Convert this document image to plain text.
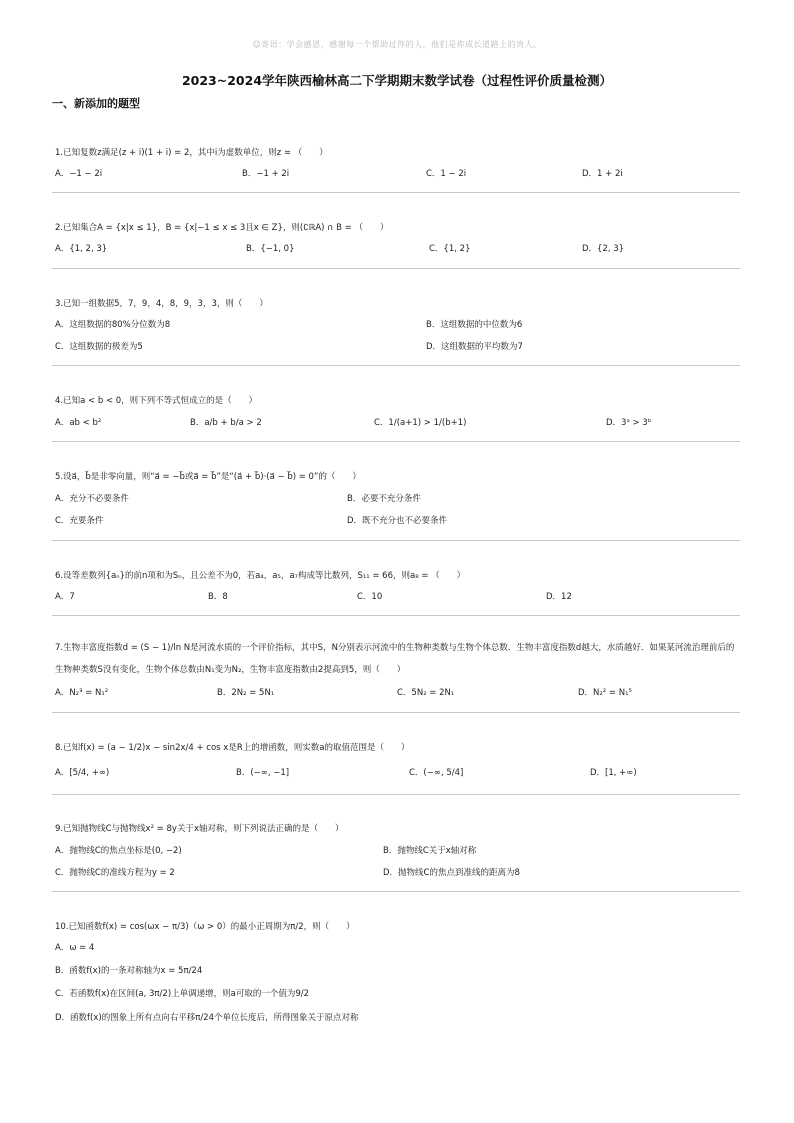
☺寄语：学会感恩，感谢每一个帮助过你的人，他们是你成长道路上的贵人。
2023~2024学年陕西榆林高二下学期期末数学试卷（过程性评价质量检测）
一、新添加的题型
1.已知复数z满足(z + i)(1 + i) = 2，其中i为虚数单位，则z = （　　）
A．−1 − 2i	B．−1 + 2i	C．1 − 2i	D．1 + 2i
2.已知集合A = {x|x ≤ 1}，B = {x|−1 ≤ x ≤ 3且x ∈ Z}，则(∁ℝA) ∩ B = （　　）
A．{1, 2, 3}	B．{−1, 0}	C．{1, 2}	D．{2, 3}
3.已知一组数据5，7，9，4，8，9，3，3，则（　　）
A．这组数据的80%分位数为8	B．这组数据的中位数为6
C．这组数据的极差为5	D．这组数据的平均数为7
4.已知a < b < 0，则下列不等式恒成立的是（　　）
A．ab < b²	B．a/b + b/a > 2	C．1/(a+1) > 1/(b+1)	D．3ᵃ > 3ᵇ
5.设a⃗，b⃗是非零向量，则“a⃗ = −b⃗或a⃗ = b⃗”是“(a⃗ + b⃗)·(a⃗ − b⃗) = 0”的（　　）
A．充分不必要条件	B．必要不充分条件
C．充要条件	D．既不充分也不必要条件
6.设等差数列{aₙ}的前n项和为Sₙ，且公差不为0，若a₄，a₅，a₇构成等比数列，S₁₁ = 66，则a₈ = （　　）
A．7	B．8	C．10	D．12
7.生物丰富度指数d = (S − 1)/ln N是河流水质的一个评价指标，其中S，N分别表示河流中的生物种类数与生物个体总数．生物丰富度指数d越大，水质越好．如果某河流治理前后的生物种类数S没有变化，生物个体总数由N₁变为N₂，生物丰富度指数由2提高到5，则（　　）
A．N₂³ = N₁²	B．2N₂ = 5N₁	C．5N₂ = 2N₁	D．N₂² = N₁⁵
8.已知f(x) = (a − 1/2)x − sin2x/4 + cos x是R上的增函数，则实数a的取值范围是（　　）
A．[5/4, +∞)	B．(−∞, −1]	C．(−∞, 5/4]	D．[1, +∞)
9.已知抛物线C与抛物线x² = 8y关于x轴对称，则下列说法正确的是（　　）
A．抛物线C的焦点坐标是(0, −2)	B．抛物线C关于x轴对称
C．抛物线C的准线方程为y = 2	D．抛物线C的焦点到准线的距离为8
10.已知函数f(x) = cos(ωx − π/3)（ω > 0）的最小正周期为π/2，则（　　）
A．ω = 4
B．函数f(x)的一条对称轴为x = 5π/24
C．若函数f(x)在区间(a, 3π/2)上单调递增，则a可取的一个值为9/2
D．函数f(x)的图象上所有点向右平移π/24个单位长度后，所得图象关于原点对称
